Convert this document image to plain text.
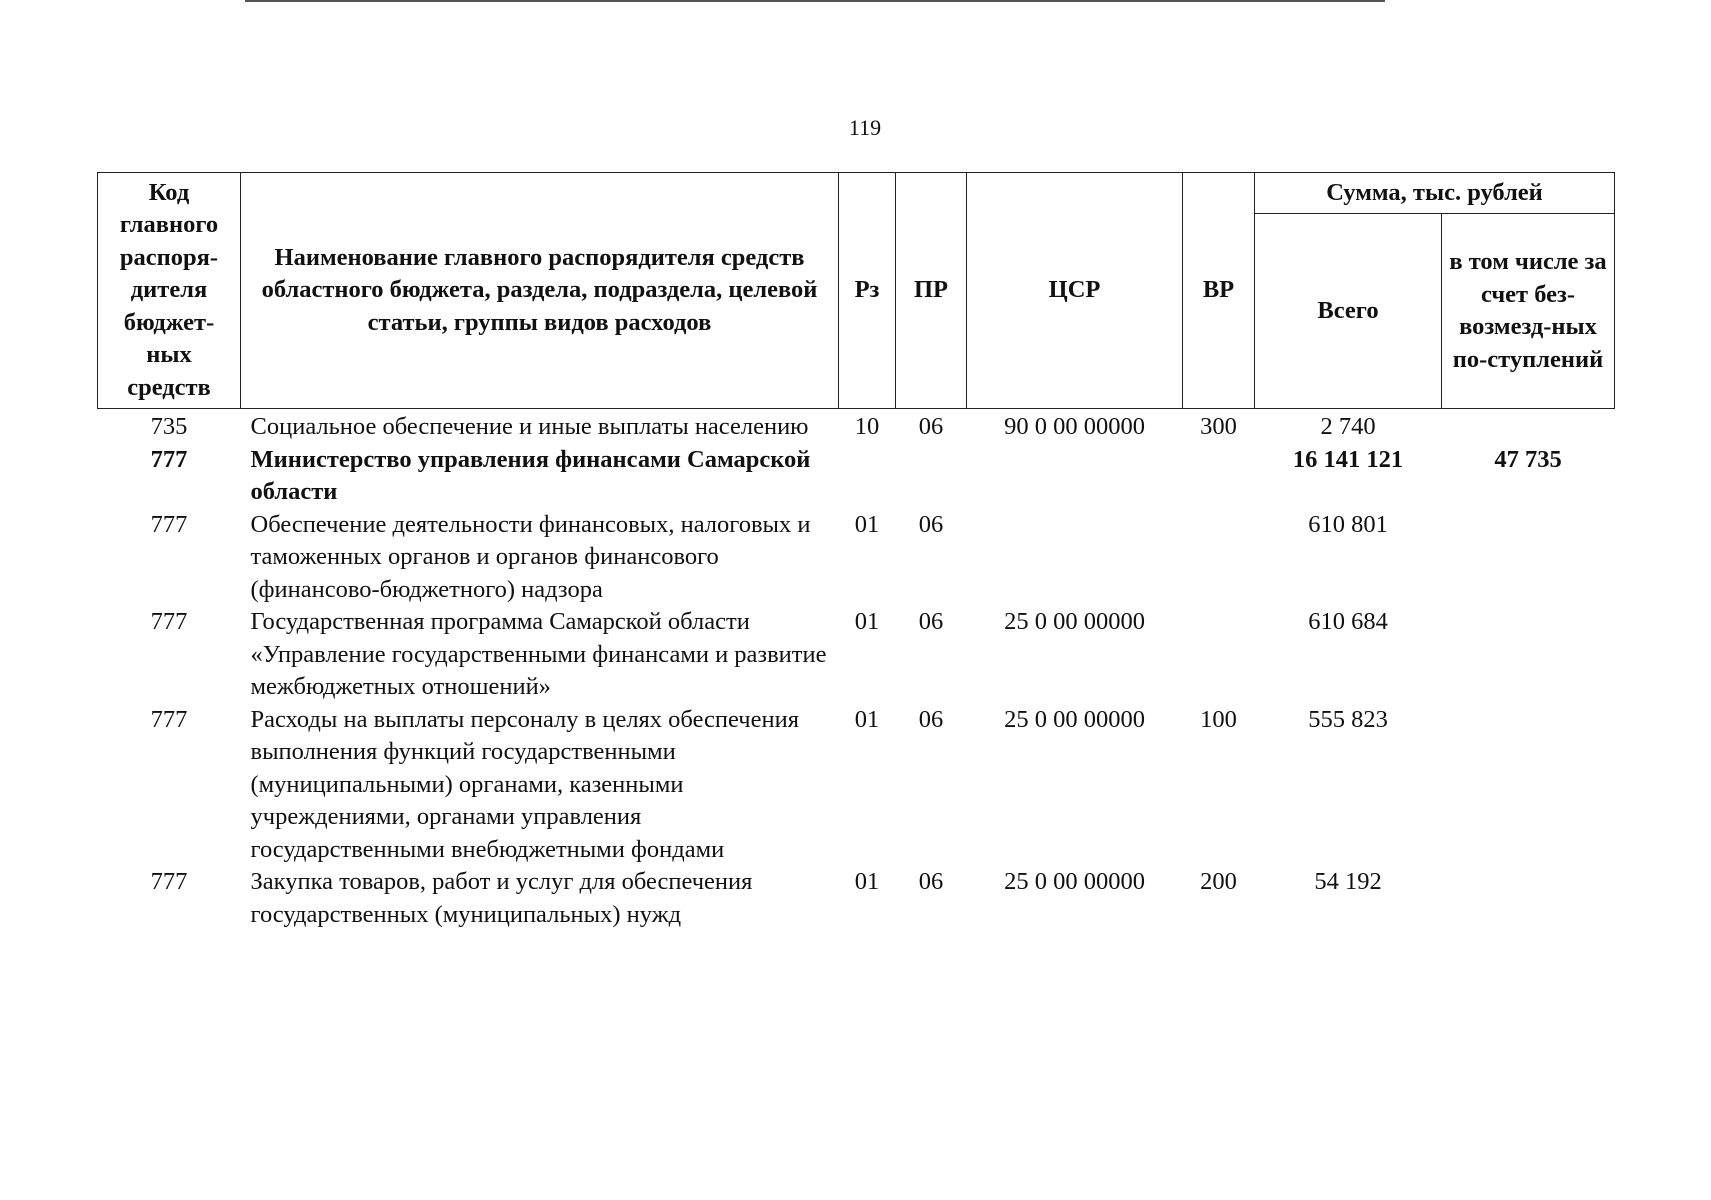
119
Код главного распоря-дителя бюджет-ных средств	Наименование главного распорядителя средств областного бюджета, раздела, подраздела, целевой статьи, группы видов расходов	Рз	ПР	ЦСР	ВР	Сумма, тыс. рублей	
						Всего	в том числе за счет без-возмезд-ных по-ступлений
735	Социальное обеспечение и иные выплаты населению	10	06	90 0 00 00000	300	2 740	
777	Министерство управления финансами Самарской области					16 141 121	47 735
777	Обеспечение деятельности финансовых, налоговых и таможенных органов и органов финансового (финансово-бюджетного) надзора	01	06			610 801	
777	Государственная программа Самарской области «Управление государственными финансами и развитие межбюджетных отношений»	01	06	25 0 00 00000		610 684	
777	Расходы на выплаты персоналу в целях обеспечения выполнения функций государственными (муниципальными) органами, казенными учреждениями, органами управления государственными внебюджетными фондами	01	06	25 0 00 00000	100	555 823	
777	Закупка товаров, работ и услуг для обеспечения государственных (муниципальных) нужд	01	06	25 0 00 00000	200	54 192	
